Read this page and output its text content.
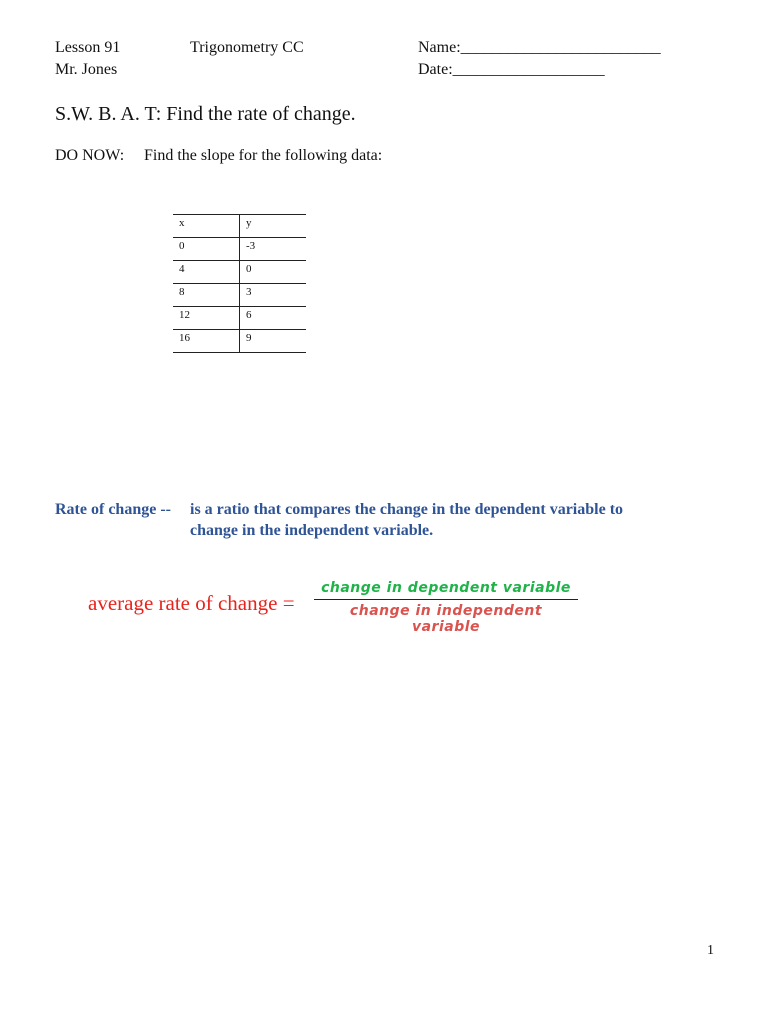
Lesson 91
Mr. Jones
Trigonometry CC	Name:_________________________
Date:___________________
S.W. B. A. T: Find the rate of change.
DO NOW: Find the slope for the following data:
x	y
0	-3
4	0
8	3
12	6
16	9
Rate of change -- is a ratio that compares the change in the dependent variable to
change in the independent variable.
average rate of change =
change in dependent variable
change in independent variable
1
